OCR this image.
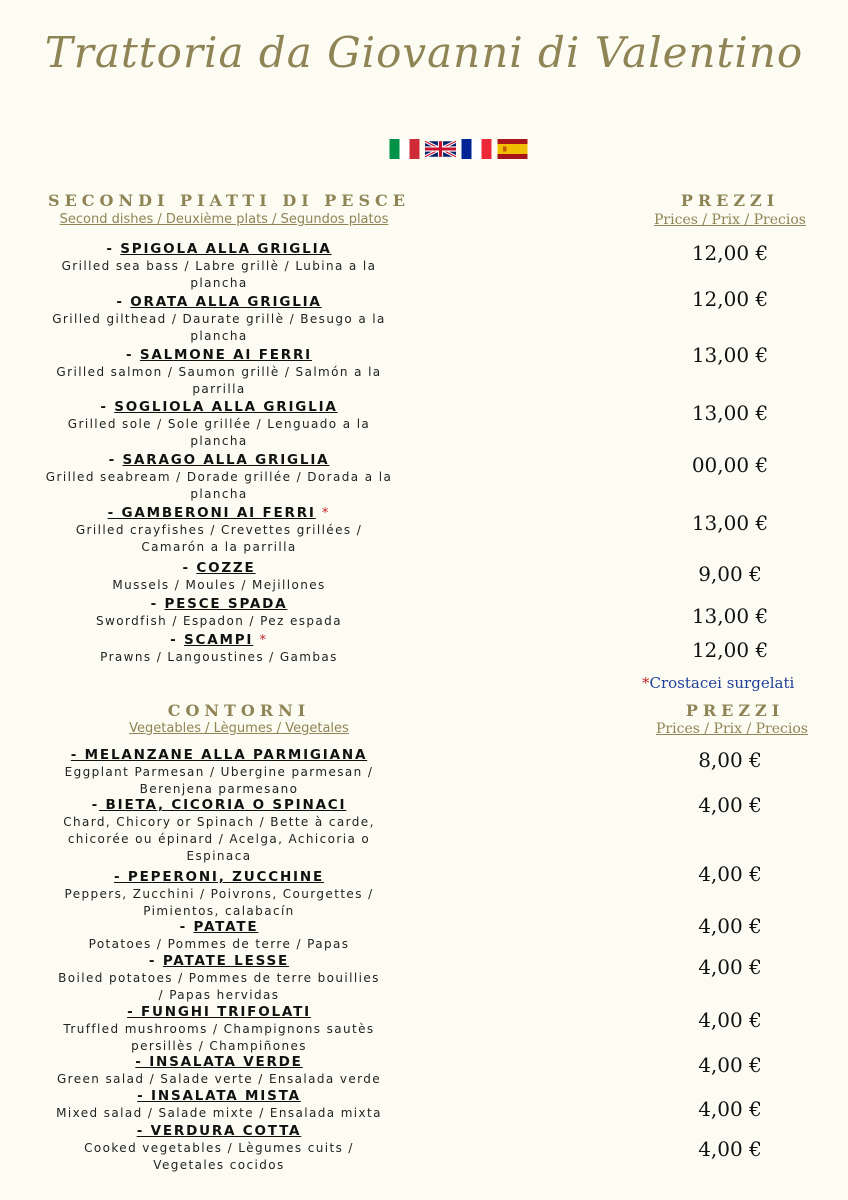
Trattoria da Giovanni di Valentino
SECONDI PIATTI DI PESCE
Second dishes / Deuxième plats / Segundos platos
PREZZI
Prices / Prix / Precios
- SPIGOLA ALLA GRIGLIA
Grilled sea bass / Labre grillè / Lubina a la plancha
12,00 €
- ORATA ALLA GRIGLIA
Grilled gilthead / Daurate grillè / Besugo a la plancha
12,00 €
- SALMONE AI FERRI
Grilled salmon / Saumon grillè / Salmón a la parrilla
13,00 €
- SOGLIOLA ALLA GRIGLIA
Grilled sole / Sole grillée / Lenguado a la plancha
13,00 €
- SARAGO ALLA GRIGLIA
Grilled seabream / Dorade grillée / Dorada a la plancha
00,00 €
- GAMBERONI AI FERRI *
Grilled crayfishes / Crevettes grillées / Camarón a la parrilla
13,00 €
- COZZE
Mussels / Moules / Mejillones	9,00 €
- PESCE SPADA
Swordfish / Espadon / Pez espada	13,00 €
- SCAMPI *
Prawns / Langoustines / Gambas	12,00 €
*Crostacei surgelati
CONTORNI
Vegetables / Lègumes / Vegetales
PREZZI
Prices / Prix / Precios
- MELANZANE ALLA PARMIGIANA
Eggplant Parmesan / Ubergine parmesan / Berenjena parmesano
8,00 €
- BIETA, CICORIA O SPINACI
Chard, Chicory or Spinach / Bette à carde, chicorée ou épinard / Acelga, Achicoria o Espinaca
4,00 €
- PEPERONI, ZUCCHINE
Peppers, Zucchini / Poivrons, Courgettes / Pimientos, calabacín
4,00 €
- PATATE
Potatoes / Pommes de terre / Papas
4,00 €
- PATATE LESSE
Boiled potatoes / Pommes de terre bouillies / Papas hervidas
4,00 €
- FUNGHI TRIFOLATI
Truffled mushrooms / Champignons sautès persillès / Champiñones
4,00 €
- INSALATA VERDE
Green salad / Salade verte / Ensalada verde
4,00 €
- INSALATA MISTA
Mixed salad / Salade mixte / Ensalada mixta	4,00 €
- VERDURA COTTA
Cooked vegetables / Lègumes cuits / Vegetales cocidos
4,00 €
